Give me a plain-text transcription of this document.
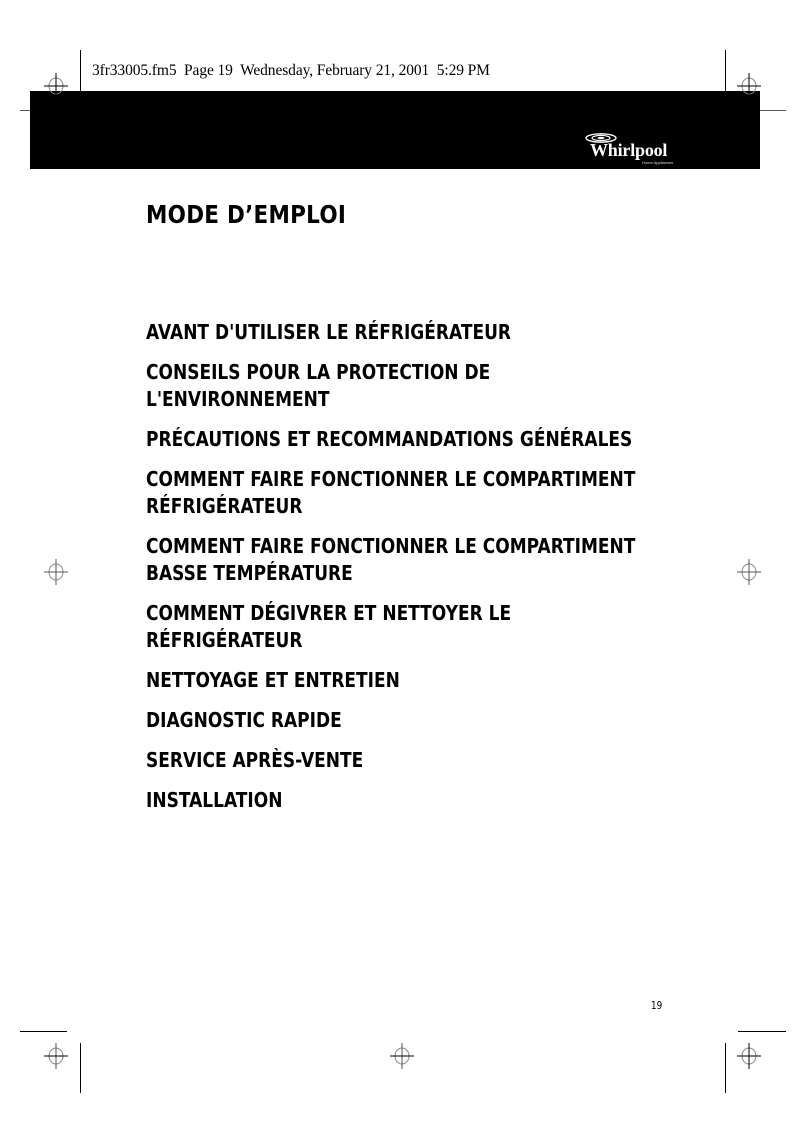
3fr33005.fm5  Page 19  Wednesday, February 21, 2001  5:29 PM
Whirlpool
Home Appliances
MODE D’EMPLOI
AVANT D'UTILISER LE RÉFRIGÉRATEUR
CONSEILS POUR LA PROTECTION DE L'ENVIRONNEMENT
PRÉCAUTIONS ET RECOMMANDATIONS GÉNÉRALES
COMMENT FAIRE FONCTIONNER LE COMPARTIMENT RÉFRIGÉRATEUR
COMMENT FAIRE FONCTIONNER LE COMPARTIMENT BASSE TEMPÉRATURE
COMMENT DÉGIVRER ET NETTOYER LE RÉFRIGÉRATEUR
NETTOYAGE ET ENTRETIEN
DIAGNOSTIC RAPIDE
SERVICE APRÈS-VENTE
INSTALLATION
19
